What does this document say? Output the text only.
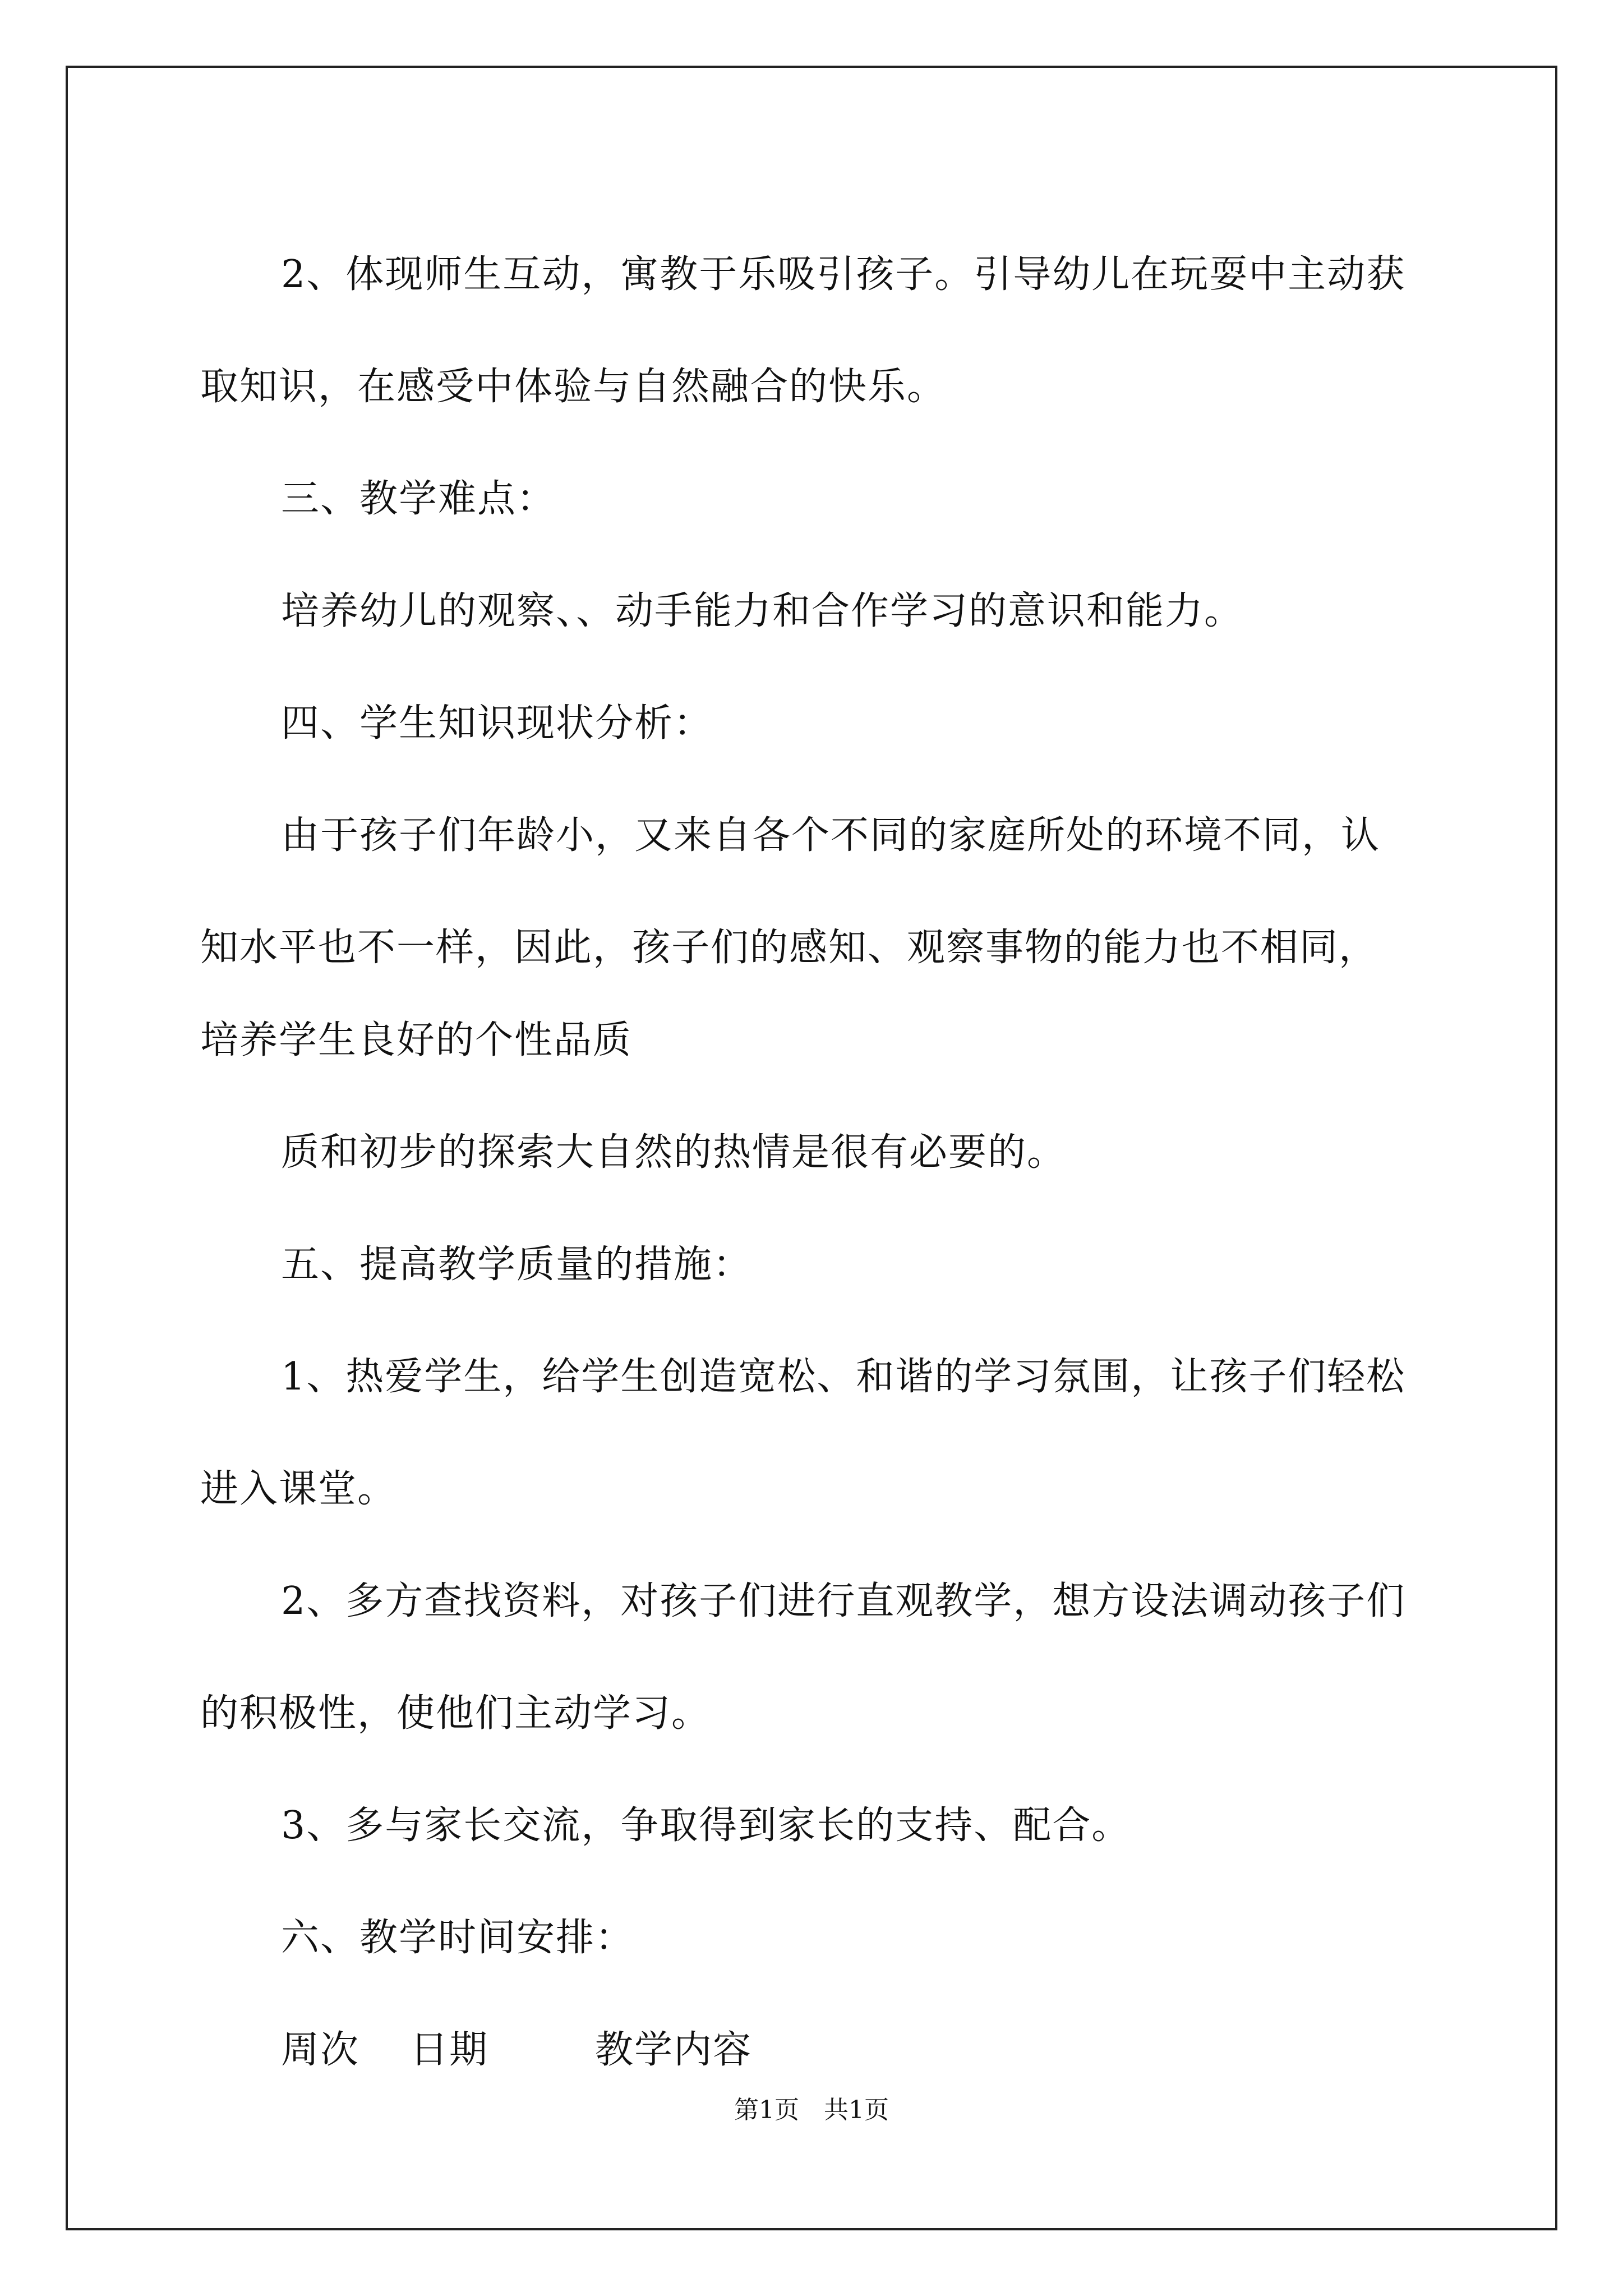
2、体现师生互动，寓教于乐吸引孩子。引导幼儿在玩耍中主动获

取知识，在感受中体验与自然融合的快乐。

三、教学难点：

培养幼儿的观察、、动手能力和合作学习的意识和能力。

四、学生知识现状分析：

由于孩子们年龄小，又来自各个不同的家庭所处的环境不同，认

知水平也不一样，因此，孩子们的感知、观察事物的能力也不相同，

培养学生良好的个性品质

质和初步的探索大自然的热情是很有必要的。

五、提高教学质量的措施：

1、热爱学生，给学生创造宽松、和谐的学习氛围，让孩子们轻松

进入课堂。

2、多方查找资料，对孩子们进行直观教学，想方设法调动孩子们

的积极性，使他们主动学习。

3、多与家长交流，争取得到家长的支持、配合。

六、教学时间安排：

周次 日期	教学内容
第1页　共1页
